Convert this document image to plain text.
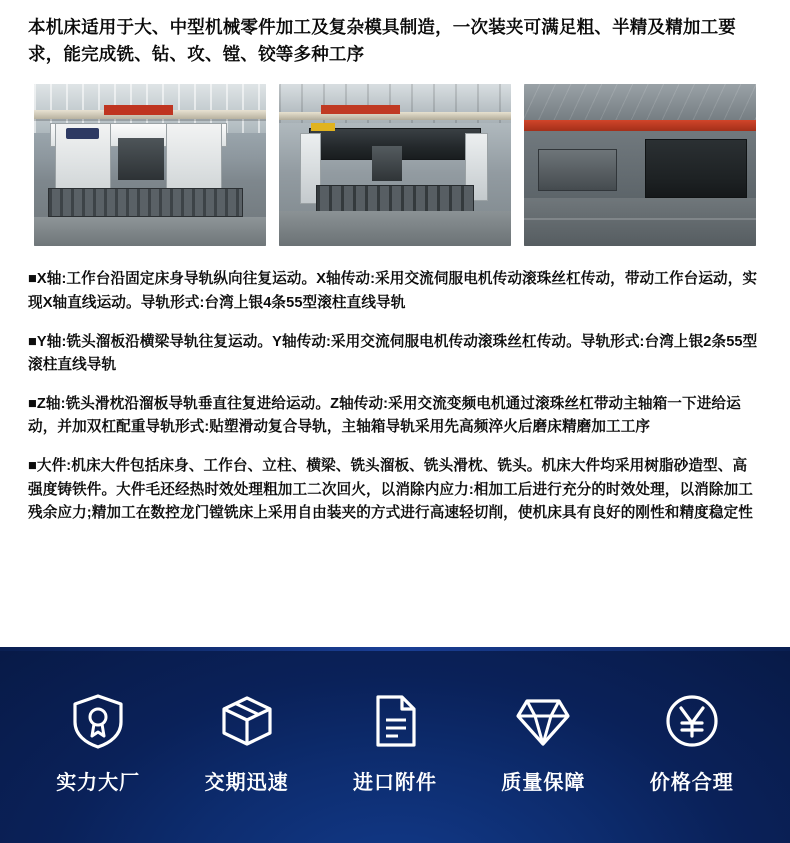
本机床适用于大、中型机械零件加工及复杂模具制造，一次装夹可满足粗、半精及精加工要求，能完成铣、钻、攻、镗、铰等多种工序

■X轴:工作台沿固定床身导轨纵向往复运动。X轴传动:采用交流伺服电机传动滚珠丝杠传动，带动工作台运动，实现X轴直线运动。导轨形式:台湾上银4条55型滚柱直线导轨

■Y轴:铣头溜板沿横梁导轨往复运动。Y轴传动:采用交流伺服电机传动滚珠丝杠传动。导轨形式:台湾上银2条55型滚柱直线导轨

■Z轴:铣头滑枕沿溜板导轨垂直往复进给运动。Z轴传动:采用交流变频电机通过滚珠丝杠带动主轴箱一下进给运动，并加双杠配重导轨形式:贴塑滑动复合导轨，主轴箱导轨采用先高频淬火后磨床精磨加工工序

■大件:机床大件包括床身、工作台、立柱、横梁、铣头溜板、铣头滑枕、铣头。机床大件均采用树脂砂造型、高强度铸铁件。大件毛还经热时效处理粗加工二次回火，以消除内应力:相加工后进行充分的时效处理，以消除加工残余应力;精加工在数控龙门镗铣床上采用自由装夹的方式进行高速轻切削，使机床具有良好的刚性和精度稳定性

实力大厂	交期迅速	进口附件	质量保障	价格合理
